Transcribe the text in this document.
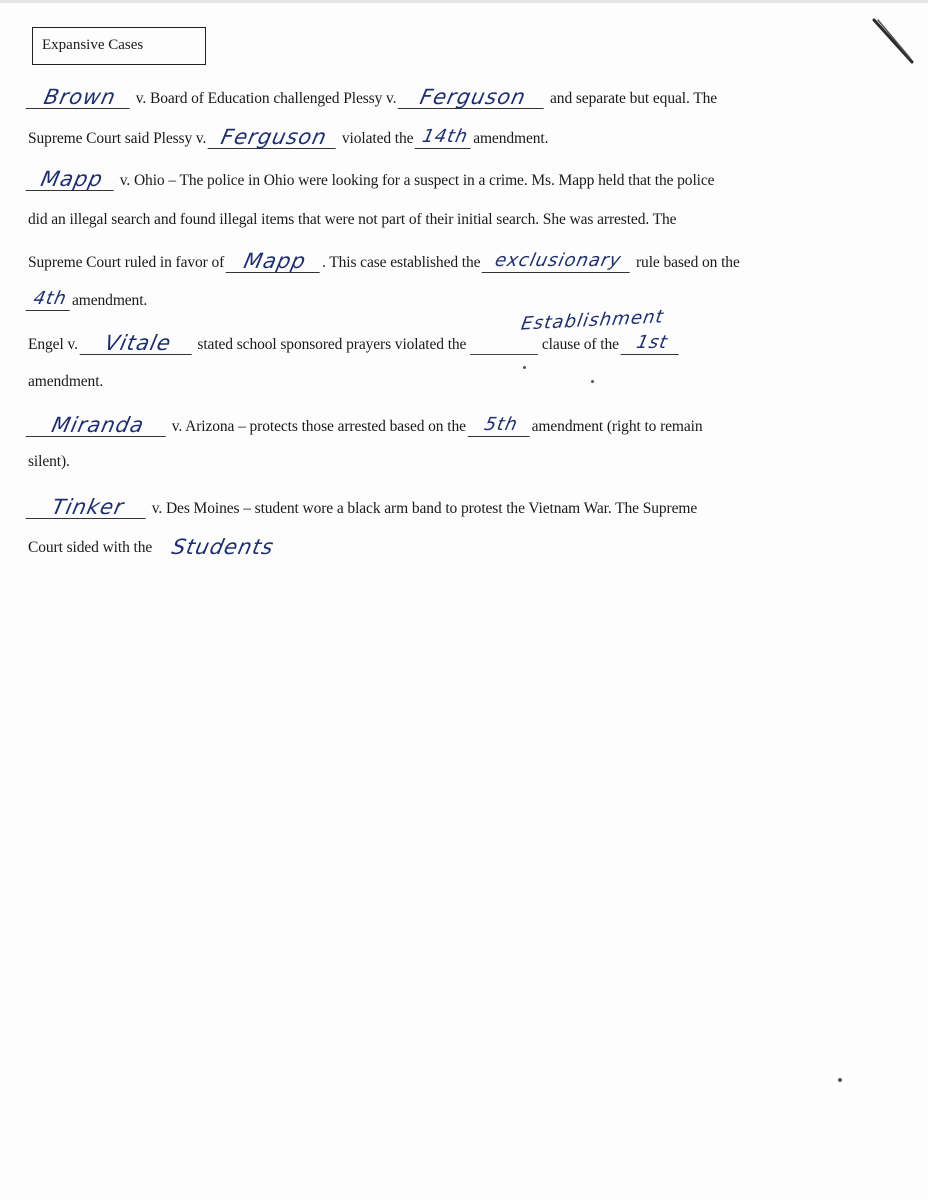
Expansive Cases
Brown v. Board of Education challenged Plessy v. Ferguson and separate but equal. The
Supreme Court said Plessy v. Ferguson violated the 14th amendment.
Mapp v. Ohio – The police in Ohio were looking for a suspect in a crime. Ms. Mapp held that the police
did an illegal search and found illegal items that were not part of their initial search. She was arrested. The
Supreme Court ruled in favor of Mapp . This case established the exclusionary rule based on the
4th amendment.
Establishment
Engel v. Vitale stated school sponsored prayers violated the	clause of the 1st
amendment.
Miranda v. Arizona – protects those arrested based on the 5th amendment (right to remain
silent).
Tinker v. Des Moines – student wore a black arm band to protest the Vietnam War. The Supreme
Court sided with the Students
